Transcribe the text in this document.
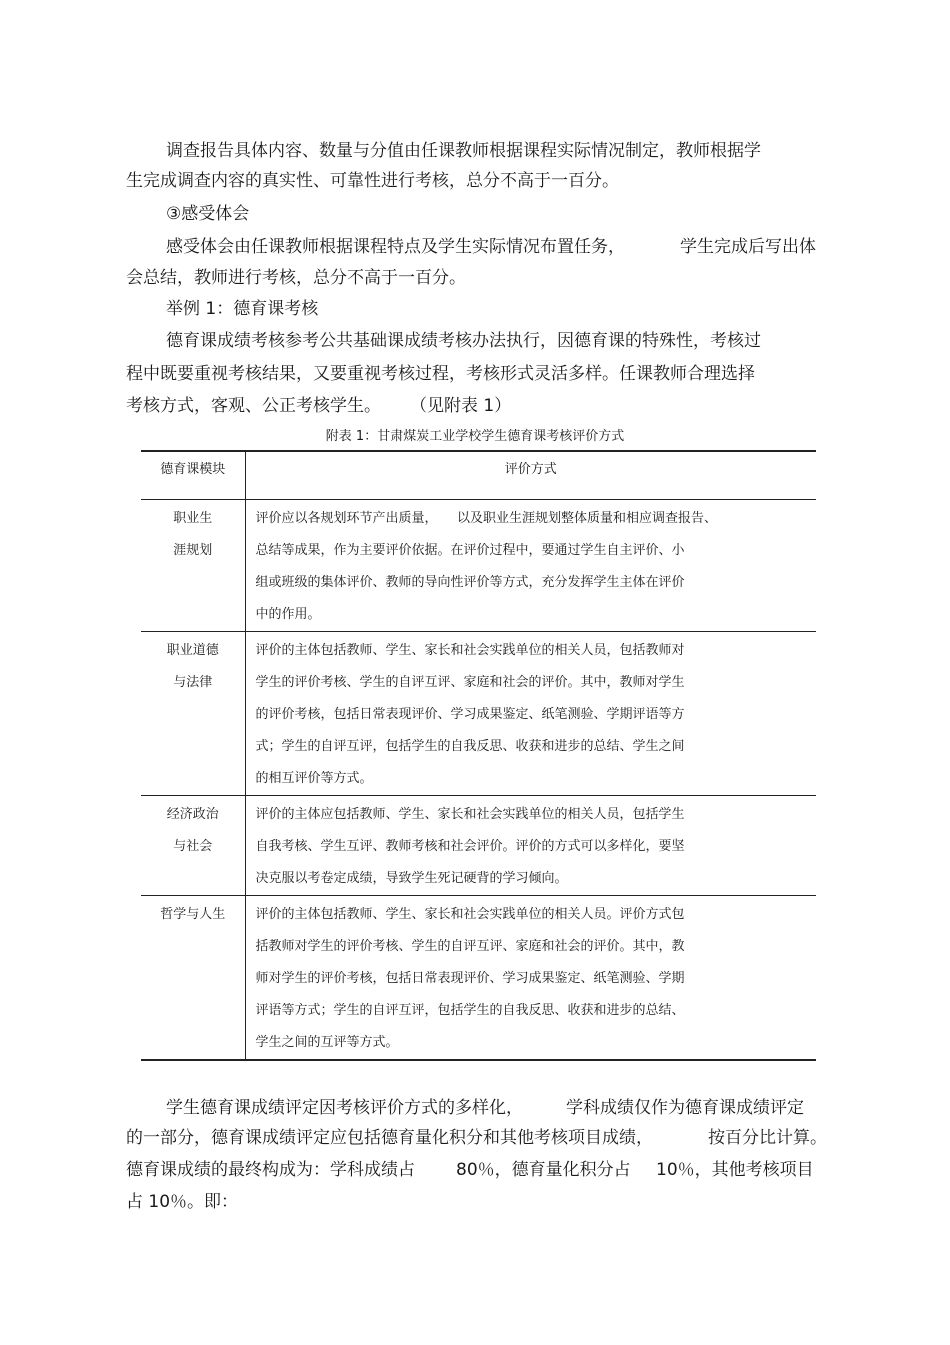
调查报告具体内容、数量与分值由任课教师根据课程实际情况制定，教师根据学
生完成调查内容的真实性、可靠性进行考核，总分不高于一百分。
③感受体会
感受体会由任课教师根据课程特点及学生实际情况布置任务，	学生完成后写出体
会总结，教师进行考核，总分不高于一百分。
举例 1：德育课考核
德育课成绩考核参考公共基础课成绩考核办法执行，因德育课的特殊性，考核过
程中既要重视考核结果，又要重视考核过程，考核形式灵活多样。任课教师合理选择
考核方式，客观、公正考核学生。 （见附表 1）
附表 1：甘肃煤炭工业学校学生德育课考核评价方式
德育课模块	评价方式

职业生
涯规划	评价应以各规划环节产出质量，　　以及职业生涯规划整体质量和相应调查报告、
总结等成果，作为主要评价依据。在评价过程中，要通过学生自主评价、小
组或班级的集体评价、教师的导向性评价等方式，充分发挥学生主体在评价
中的作用。

职业道德
与法律	评价的主体包括教师、学生、家长和社会实践单位的相关人员，包括教师对
学生的评价考核、学生的自评互评、家庭和社会的评价。其中，教师对学生
的评价考核，包括日常表现评价、学习成果鉴定、纸笔测验、学期评语等方
式；学生的自评互评，包括学生的自我反思、收获和进步的总结、学生之间
的相互评价等方式。

经济政治
与社会	评价的主体应包括教师、学生、家长和社会实践单位的相关人员，包括学生
自我考核、学生互评、教师考核和社会评价。评价的方式可以多样化，要坚
决克服以考卷定成绩，导致学生死记硬背的学习倾向。

哲学与人生	评价的主体包括教师、学生、家长和社会实践单位的相关人员。评价方式包
括教师对学生的评价考核、学生的自评互评、家庭和社会的评价。其中，教
师对学生的评价考核，包括日常表现评价、学习成果鉴定、纸笔测验、学期
评语等方式；学生的自评互评，包括学生的自我反思、收获和进步的总结、
学生之间的互评等方式。
学生德育课成绩评定因考核评价方式的多样化，	学科成绩仅作为德育课成绩评定
的一部分，德育课成绩评定应包括德育量化积分和其他考核项目成绩，	按百分比计算。
德育课成绩的最终构成为：学科成绩占 80％，德育量化积分占 10％，其他考核项目
占 10％。即：
